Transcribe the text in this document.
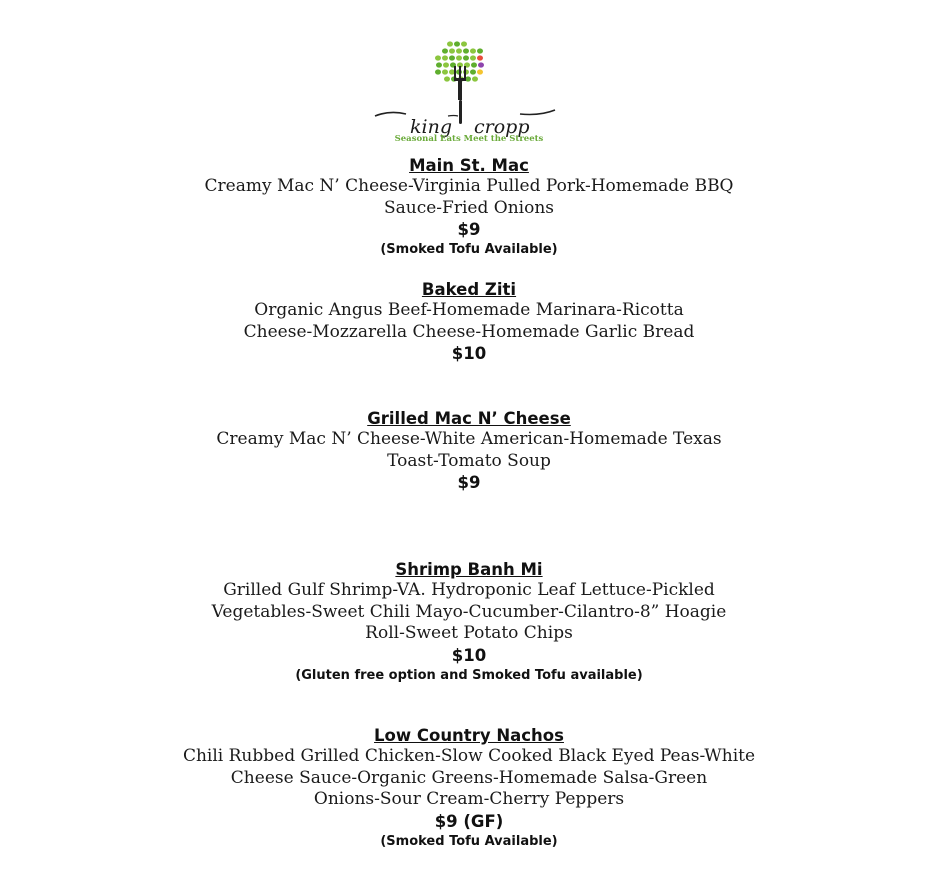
king cropp
Seasonal Eats Meet the Streets
Main St. Mac
Creamy Mac N’ Cheese-Virginia Pulled Pork-Homemade BBQ
Sauce-Fried Onions
$9
(Smoked Tofu Available)
Baked Ziti
Organic Angus Beef-Homemade Marinara-Ricotta
Cheese-Mozzarella Cheese-Homemade Garlic Bread
$10
Grilled Mac N’ Cheese
Creamy Mac N’ Cheese-White American-Homemade Texas
Toast-Tomato Soup
$9
Shrimp Banh Mi
Grilled Gulf Shrimp-VA. Hydroponic Leaf Lettuce-Pickled
Vegetables-Sweet Chili Mayo-Cucumber-Cilantro-8” Hoagie
Roll-Sweet Potato Chips
$10
(Gluten free option and Smoked Tofu available)
Low Country Nachos
Chili Rubbed Grilled Chicken-Slow Cooked Black Eyed Peas-White
Cheese Sauce-Organic Greens-Homemade Salsa-Green
Onions-Sour Cream-Cherry Peppers
$9 (GF)
(Smoked Tofu Available)
